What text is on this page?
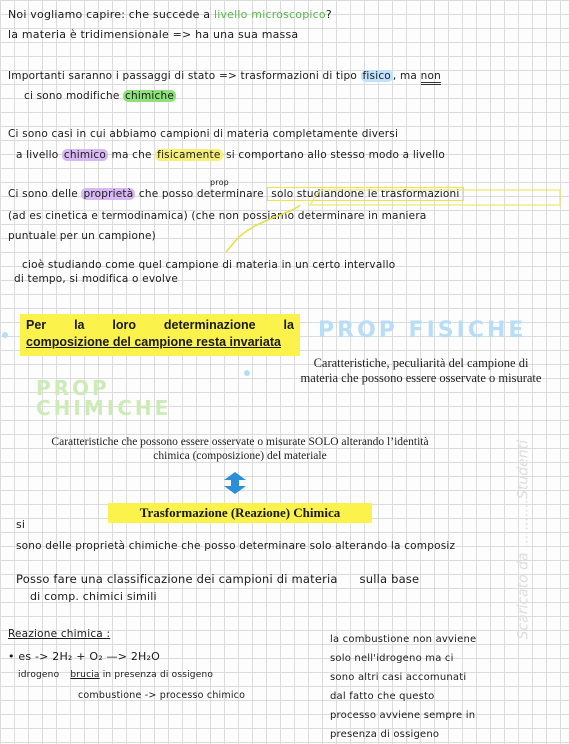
Noi vogliamo capire: che succede a livello microscopico?
la materia è tridimensionale => ha una sua massa
Importanti saranno i passaggi di stato => trasformazioni di tipo fisico , ma non
ci sono modifiche chimiche
Ci sono casi in cui abbiamo campioni di materia completamente diversi
a livello chimico ma che fisicamente si comportano allo stesso modo a livello
prop
Ci sono delle proprietà che posso determinare solo studiandone le trasformazioni
(ad es cinetica e termodinamica) (che non possiamo determinare in maniera
puntuale per un campione)
cioè studiando come quel campione di materia in un certo intervallo
di tempo, si modifica o evolve
Per la loro determinazione la
composizione del campione resta invariata	PROP FISICHE
Caratteristiche, peculiarità del campione di
materia che possono essere osservate o misurate
PROP
CHIMICHE
Caratteristiche che possono essere osservate o misurate SOLO alterando l’identità
chimica (composizione) del materiale
Trasformazione (Reazione) Chimica
si
sono delle proprietà chimiche che posso determinare solo alterando la composiz
Posso fare una classificazione dei campioni di materia sulla base
di comp. chimici simili
Reazione chimica :
• es -> 2H₂ + O₂ —> 2H₂O
idrogeno brucia in presenza di ossigeno
combustione -> processo chimico
la combustione non avviene
solo nell'idrogeno ma ci
sono altri casi accomunati
dal fatto che questo
processo avviene sempre in
presenza di ossigeno
Scaricato da ...........Studenti
